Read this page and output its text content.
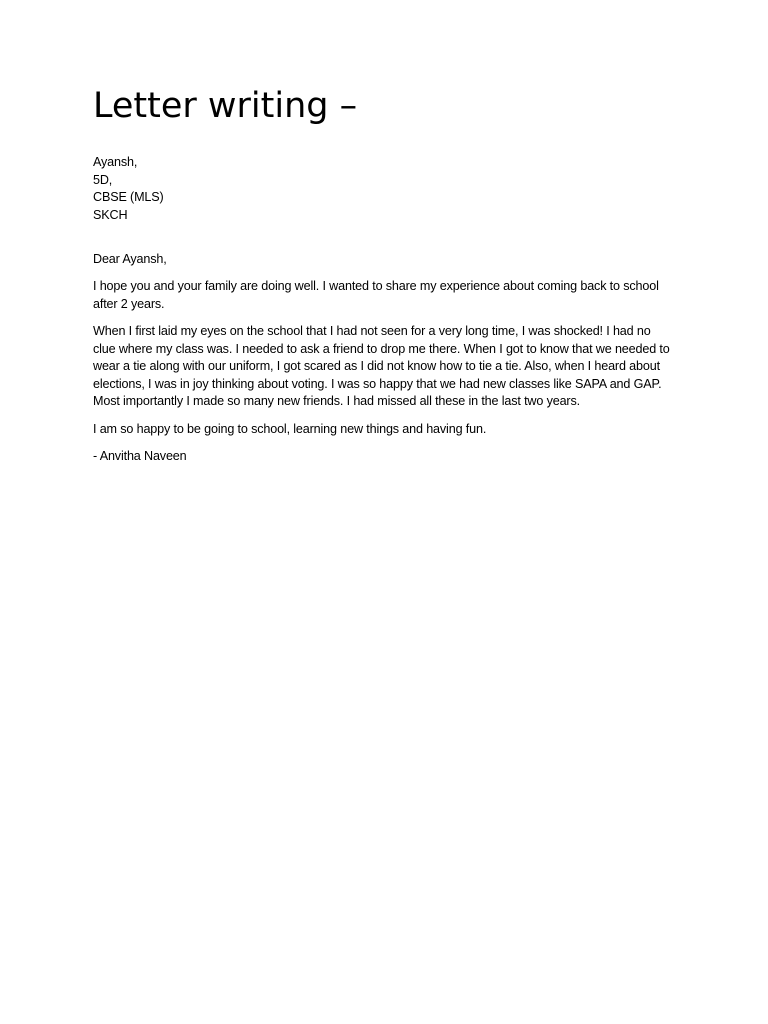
Letter writing –
Ayansh,
5D,
CBSE (MLS)
SKCH

Dear Ayansh,

I hope you and your family are doing well. I wanted to share my experience about coming back to school after 2 years.

When I first laid my eyes on the school that I had not seen for a very long time, I was shocked! I had no clue where my class was. I needed to ask a friend to drop me there. When I got to know that we needed to wear a tie along with our uniform, I got scared as I did not know how to tie a tie. Also, when I heard about elections, I was in joy thinking about voting. I was so happy that we had new classes like SAPA and GAP. Most importantly I made so many new friends. I had missed all these in the last two years.

I am so happy to be going to school, learning new things and having fun.

- Anvitha Naveen
